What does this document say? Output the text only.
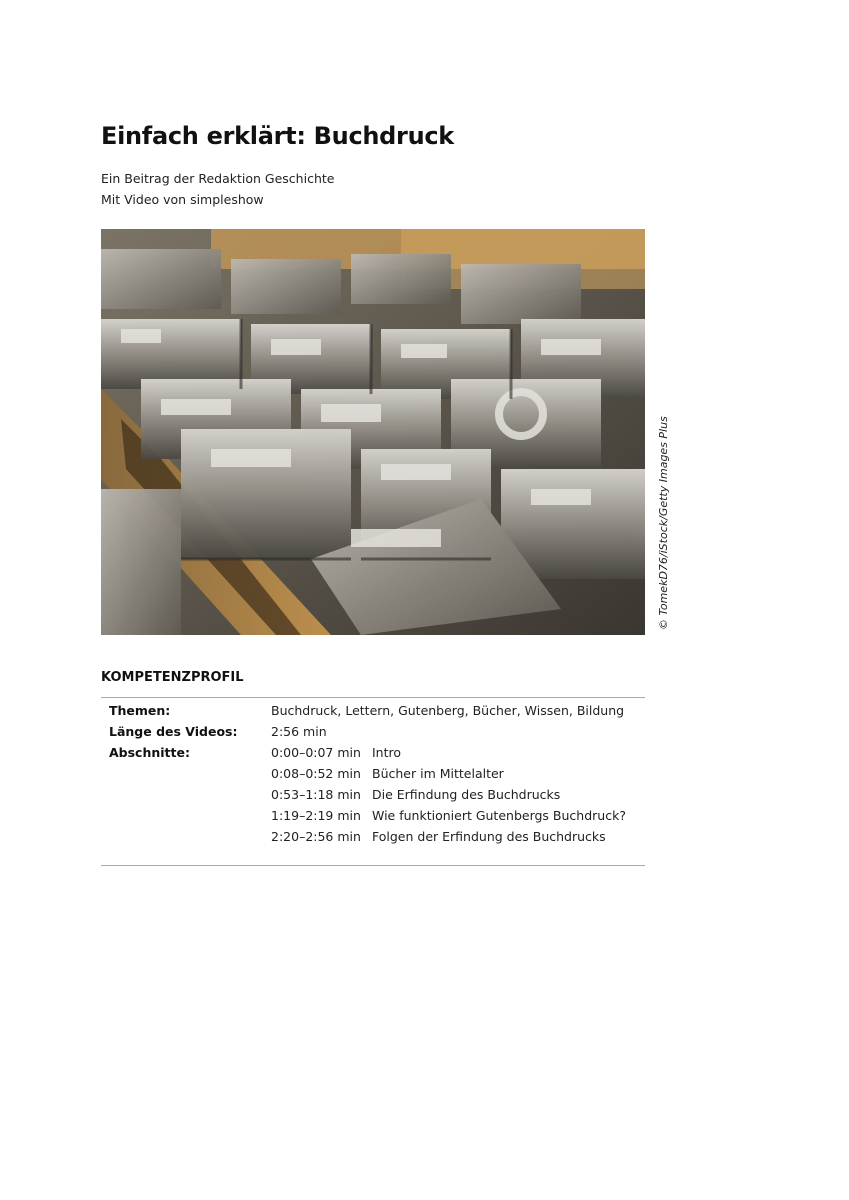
Einfach erklärt: Buchdruck
Ein Beitrag der Redaktion Geschichte
Mit Video von simpleshow
© TomekD76/iStock/Getty Images Plus
KOMPETENZPROFIL
Themen:	Buchdruck, Lettern, Gutenberg, Bücher, Wissen, Bildung
Länge des Videos:	2:56 min
Abschnitte:	0:00–0:07 min Intro
0:08–0:52 min Bücher im Mittelalter
0:53–1:18 min Die Erfindung des Buchdrucks
1:19–2:19 min Wie funktioniert Gutenbergs Buchdruck?
2:20–2:56 min Folgen der Erfindung des Buchdrucks
